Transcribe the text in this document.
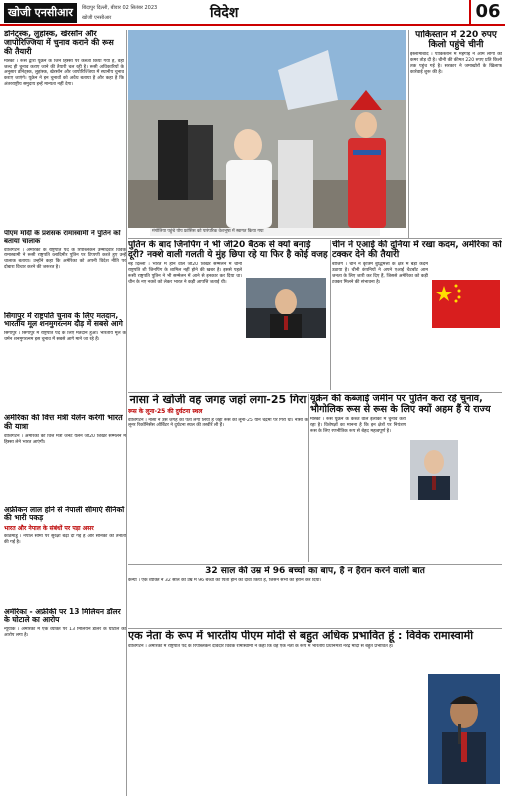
खोजी एनसीआर	बिंदापुर दिल्ली, बीवार 02 सितंबर 2023
खोजी एनसीआर	विदेश	06
मंगोलिया पहुंचे पोप फ्रांसिस को पारंपरिक वेशभूषा में स्वागत किया गया
डोनेट्स्क, लुहांस्क, खेरसॉन और जापोरिज्जिया में चुनाव कराने की रूस की तैयारी
मास्को । रूस द्वारा यूक्रेन के जिन हिस्सों पर कब्जा किया गया है, वहां जल्द ही चुनाव कराए जाने की तैयारी चल रही है। रूसी अधिकारियों के अनुसार डोनेट्स्क, लुहांस्क, खेरसॉन और जापोरिज्जिया में स्थानीय चुनाव कराए जाएंगे। यूक्रेन ने इन चुनावों को अवैध बताया है और कहा है कि अंतरराष्ट्रीय समुदाय इन्हें मान्यता नहीं देगा।
पीएम मोदी के प्रशंसक रामास्वामी ने पुतिन को बताया चालाक
वॉशिंगटन । अमेरिका के राष्ट्रपति पद के रिपब्लिकन उम्मीदवार विवेक रामास्वामी ने रूसी राष्ट्रपति व्लादिमीर पुतिन पर टिप्पणी करते हुए उन्हें चालाक बताया। उन्होंने कहा कि अमेरिका को अपनी विदेश नीति पर दोबारा विचार करने की जरूरत है।
पाकिस्तान में 220 रुपए किलो पहुंचे चीनी
इस्लामाबाद । पाकिस्तान में महंगाई ने आम लोगों की कमर तोड़ दी है। चीनी की कीमत 220 रुपए प्रति किलो तक पहुंच गई है। सरकार ने जमाखोरों के खिलाफ कार्रवाई शुरू की है।
पुतिन के बाद जिनपिंग ने भी जी20 बैठक से क्यों बनाई दूरी? नक्शे वाली गलती ये मुंह छिपा रहे या फिर है कोई वजह
नई दिल्ली । भारत में होने वाले जी20 शिखर सम्मेलन में चीनी राष्ट्रपति शी जिनपिंग के शामिल नहीं होने की खबर है। इससे पहले रूसी राष्ट्रपति पुतिन ने भी सम्मेलन में आने से इनकार कर दिया था। चीन के नए नक्शे को लेकर भारत ने कड़ी आपत्ति जताई थी।
चीन ने एआई की दुनिया में रखा कदम, अमेरिका को टक्कर देने की तैयारी
बीजिंग । चीन ने कृत्रिम बुद्धिमत्ता के क्षेत्र में बड़ा कदम उठाया है। चीनी कंपनियों ने अपने एआई चैटबॉट आम जनता के लिए जारी कर दिए हैं, जिससे अमेरिका को कड़ी टक्कर मिलने की संभावना है।
सिंगापुर में राष्ट्रपति चुनाव के लिए मतदान, भारतीय मूल शनमुगरत्नम दौड़ में सबसे आगे
सिंगापुर । सिंगापुर में राष्ट्रपति पद के लिए मतदान हुआ। भारतीय मूल के थर्मन शनमुगरत्नम इस चुनाव में सबसे आगे माने जा रहे हैं।
अमेरिका की वित्त मंत्री येलेन करेगी भारत की यात्रा
वॉशिंगटन । अमेरिका की वित्त मंत्री जेनेट येलेन जी20 शिखर सम्मेलन में हिस्सा लेने भारत आएंगी।
अफ्रीकन लाल होने से नेपाली सीमाएं सैनिकों की भारी पकड़
भारत और नेपाल के संबंधों पर पड़ा असर
काठमांडू । नेपाल सीमा पर सुरक्षा बढ़ा दी गई है और सैनिकों की तैनाती की गई है।
अमेरिका - अफ्रीकी पर 13 मिलियन डॉलर के घोटाले का आरोप
न्यूयॉर्क । अमेरिका में एक व्यक्ति पर 13 मिलियन डॉलर के घोटाले का आरोप लगा है।
नासा ने खोजी वह जगह जहां लगा-25 गिरा
रूस के लूना-25 की दुर्घटना स्थल
वॉशिंगटन । नासा ने उस जगह का पता लगा लिया है जहां रूस का लूना-25 यान चंद्रमा पर गिरा था। नासा के लूनर रिकॉनिसेंस ऑर्बिटर ने दुर्घटना स्थल की तस्वीरें ली हैं।
यूक्रेन की कब्जाई जमीन पर पुतिन करा रहे चुनाव, भौगोलिक रूस से रूस के लिए क्यों अहम हैं ये राज्य
मास्को । रूस यूक्रेन के कब्जे वाले इलाकों में चुनाव करा रहा है। विशेषज्ञों का मानना है कि इन क्षेत्रों पर नियंत्रण रूस के लिए रणनीतिक रूप से बेहद महत्वपूर्ण है।
32 साल की उम्र में 96 बच्चों का बाप, है न हैरान करने वाली बात
केन्या । एक व्यक्ति ने 32 साल की उम्र में 96 बच्चों का पिता होने का दावा किया है, जिसने सभी को हैरान कर दिया।
एक नेता के रूप में भारतीय पीएम मोदी से बहुत अधिक प्रभावित हूं : विवेक रामास्वामी
वॉशिंगटन । अमेरिका में राष्ट्रपति पद के रिपब्लिकन दावेदार विवेक रामास्वामी ने कहा कि वह एक नेता के रूप में भारतीय प्रधानमंत्री नरेंद्र मोदी से बहुत प्रभावित हैं।
